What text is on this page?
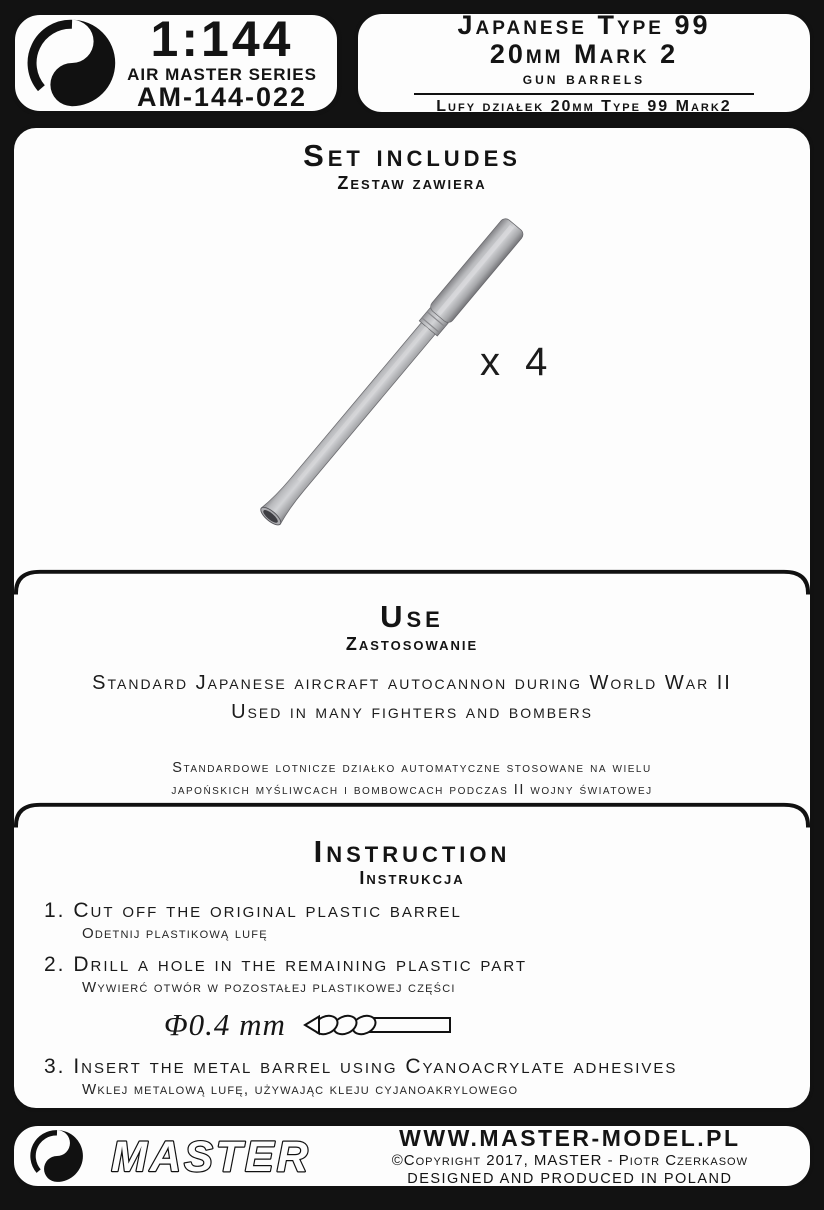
1:144
AIR MASTER SERIES
AM-144-022
Japanese Type 99
20mm Mark 2
gun barrels
Lufy działek 20mm Type 99 Mark2
Set includes
Zestaw zawiera
x 4
Use
Zastosowanie
Standard Japanese aircraft autocannon during World War II
Used in many fighters and bombers
Standardowe lotnicze działko automatyczne stosowane na wielu
japońskich myśliwcach i bombowcach podczas II wojny światowej
Instruction
Instrukcja
1. Cut off the original plastic barrel
Odetnij plastikową lufę
2. Drill a hole in the remaining plastic part
Wywierć otwór w pozostałej plastikowej części
Φ0.4 mm
3. Insert the metal barrel using Cyanoacrylate adhesives
Wklej metalową lufę, używając kleju cyjanoakrylowego
MASTER	WWW.MASTER-MODEL.PL
©Copyright 2017, MASTER - Piotr Czerkasow
DESIGNED AND PRODUCED IN POLAND
